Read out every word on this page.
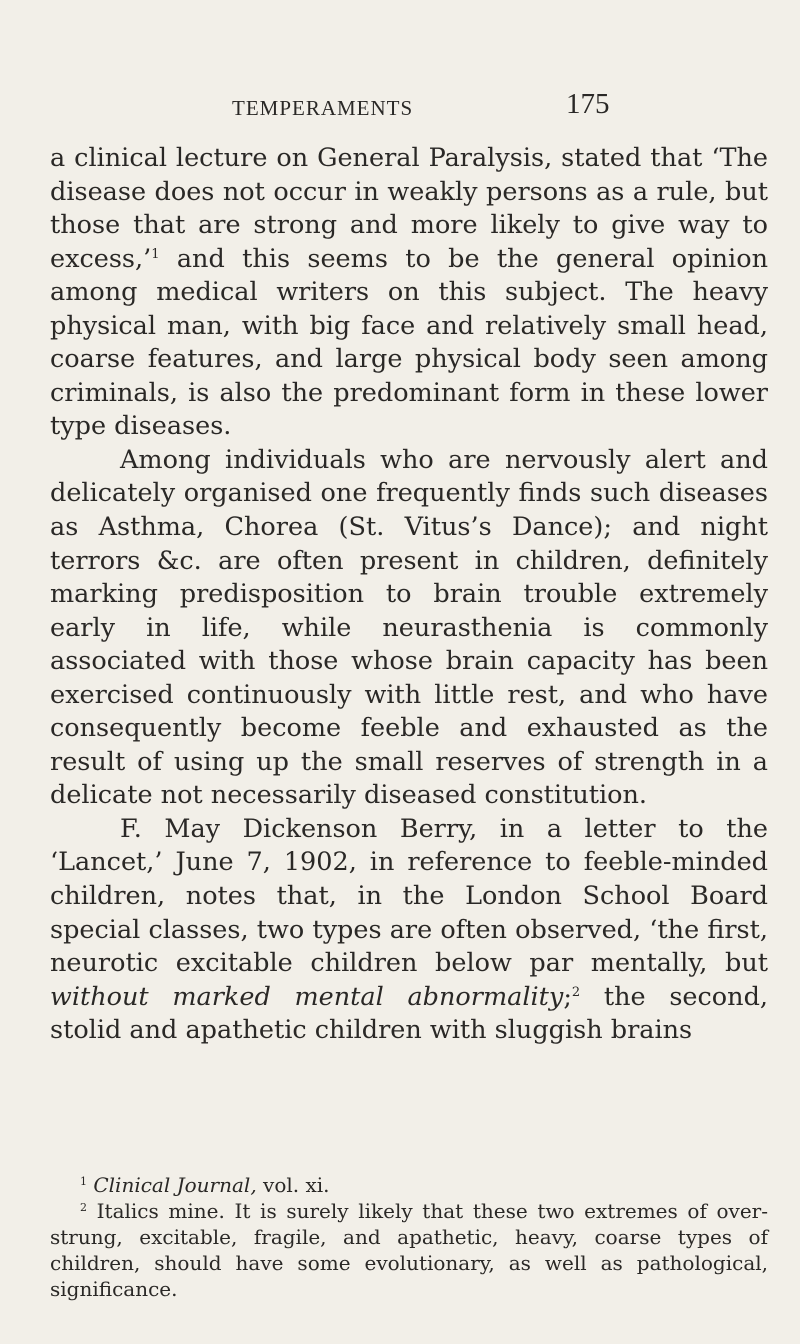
TEMPERAMENTS	175

a clinical lecture on General Paralysis, stated that ‘The disease does not occur in weakly persons as a rule, but those that are strong and more likely to give way to excess,’$^1$ and this seems to be the general opinion among medical writers on this subject. The heavy physical man, with big face and relatively small head, coarse features, and large physical body seen among criminals, is also the predominant form in these lower type diseases.

Among individuals who are nervously alert and delicately organised one frequently finds such diseases as Asthma, Chorea (St. Vitus’s Dance); and night terrors &c. are often present in children, definitely marking predisposition to brain trouble extremely early in life, while neurasthenia is commonly associated with those whose brain capacity has been exercised continuously with little rest, and who have consequently become feeble and exhausted as the result of using up the small reserves of strength in a delicate not necessarily diseased constitution.

F. May Dickenson Berry, in a letter to the ‘Lancet,’ June 7, 1902, in reference to feeble-minded children, notes that, in the London School Board special classes, two types are often observed, ‘the first, neurotic excitable children below par mentally, but without marked mental abnormality;$^2$ the second, stolid and apathetic children with sluggish brains

$^1$ Clinical Journal, vol. xi.

$^2$ Italics mine. It is surely likely that these two extremes of over-strung, excitable, fragile, and apathetic, heavy, coarse types of children, should have some evolutionary, as well as pathological, significance.
